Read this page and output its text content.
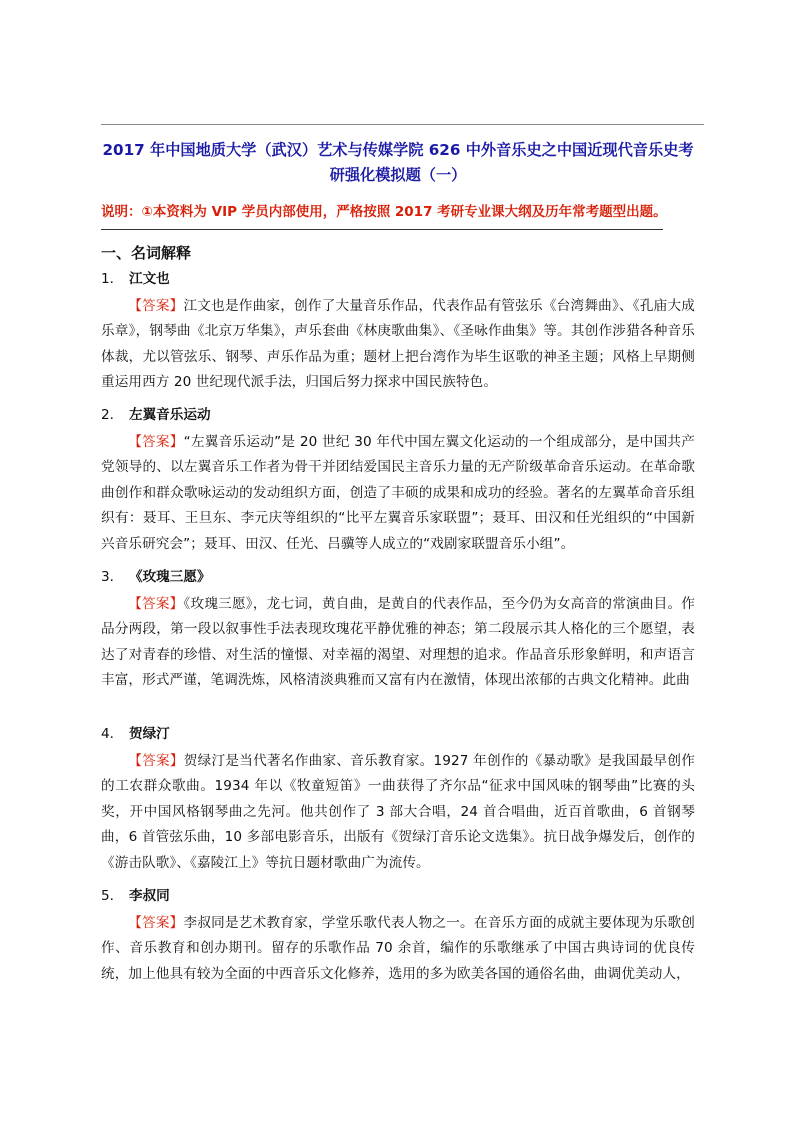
2017 年中国地质大学（武汉）艺术与传媒学院 626 中外音乐史之中国近现代音乐史考
研强化模拟题（一）
说明：①本资料为 VIP 学员内部使用，严格按照 2017 考研专业课大纲及历年常考题型出题。
一、名词解释
1． 江文也
【答案】江文也是作曲家，创作了大量音乐作品，代表作品有管弦乐《台湾舞曲》、《孔庙大成乐章》，钢琴曲《北京万华集》，声乐套曲《林庚歌曲集》、《圣咏作曲集》等。其创作涉猎各种音乐体裁，尤以管弦乐、钢琴、声乐作品为重；题材上把台湾作为毕生讴歌的神圣主题；风格上早期侧重运用西方 20 世纪现代派手法，归国后努力探求中国民族特色。
2． 左翼音乐运动
【答案】“左翼音乐运动”是 20 世纪 30 年代中国左翼文化运动的一个组成部分，是中国共产党领导的、以左翼音乐工作者为骨干并团结爱国民主音乐力量的无产阶级革命音乐运动。在革命歌曲创作和群众歌咏运动的发动组织方面，创造了丰硕的成果和成功的经验。著名的左翼革命音乐组织有：聂耳、王旦东、李元庆等组织的“比平左翼音乐家联盟”；聂耳、田汉和任光组织的“中国新兴音乐研究会”；聂耳、田汉、任光、吕骥等人成立的“戏剧家联盟音乐小组”。
3． 《玫瑰三愿》
【答案】《玫瑰三愿》，龙七词，黄自曲，是黄自的代表作品，至今仍为女高音的常演曲目。作品分两段，第一段以叙事性手法表现玫瑰花平静优雅的神态；第二段展示其人格化的三个愿望，表达了对青春的珍惜、对生活的憧憬、对幸福的渴望、对理想的追求。作品音乐形象鲜明，和声语言丰富，形式严谨，笔调洗炼，风格清淡典雅而又富有内在激情，体现出浓郁的古典文化精神。此曲
4． 贺绿汀
【答案】贺绿汀是当代著名作曲家、音乐教育家。1927 年创作的《暴动歌》是我国最早创作的工农群众歌曲。1934 年以《牧童短笛》一曲获得了齐尔品“征求中国风味的钢琴曲”比赛的头奖，开中国风格钢琴曲之先河。他共创作了 3 部大合唱，24 首合唱曲，近百首歌曲，6 首钢琴曲，6 首管弦乐曲，10 多部电影音乐，出版有《贺绿汀音乐论文选集》。抗日战争爆发后，创作的《游击队歌》、《嘉陵江上》等抗日题材歌曲广为流传。
5． 李叔同
【答案】李叔同是艺术教育家，学堂乐歌代表人物之一。在音乐方面的成就主要体现为乐歌创作、音乐教育和创办期刊。留存的乐歌作品 70 余首，编作的乐歌继承了中国古典诗词的优良传统，加上他具有较为全面的中西音乐文化修养，选用的多为欧美各国的通俗名曲，曲调优美动人，
